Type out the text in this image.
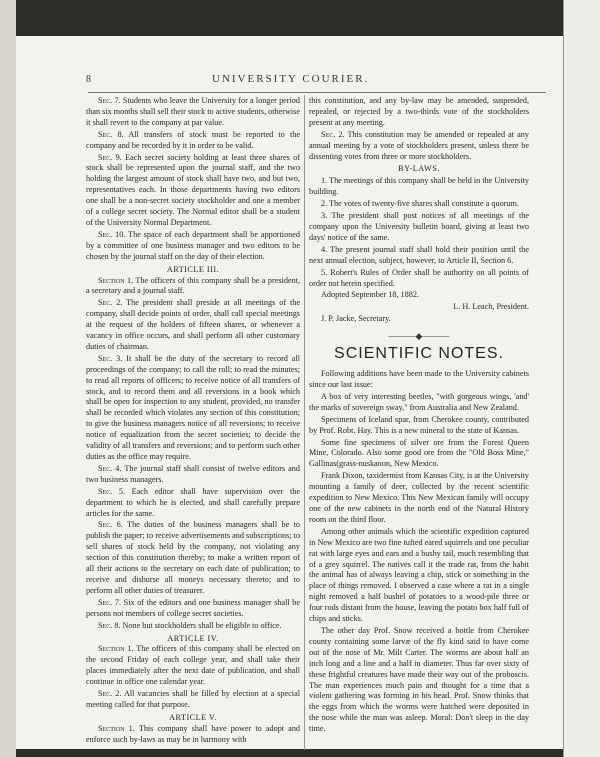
8	UNIVERSITY COURIER.

Sec. 7. Students who leave the University for a longer period than six months shall sell their stock to active students, otherwise it shall revert to the company at par value.

Sec. 8. All transfers of stock must be reported to the company and be recorded by it in order to be valid.

Sec. 9. Each secret society holding at least three shares of stock shall be represented upon the journal staff, and the two holding the largest amount of stock shall have two, and but two, representatives each. In those departments having two editors one shall be a non-secret society stockholder and one a member of a college secret society. The Normal editor shall be a student of the University Normal Department.

Sec. 10. The space of each department shall be apportioned by a committee of one business manager and two editors to be chosen by the journal staff on the day of their election.

ARTICLE III.

Section 1. The officers of this company shall be a president, a secretary and a journal staff.

Sec. 2. The president shall preside at all meetings of the company, shall decide points of order, shall call special meetings at the request of the holders of fifteen shares, or whenever a vacancy in office occurs, and shall perform all other customary duties of chairman.

Sec. 3. It shall be the duty of the secretary to record all proceedings of the company; to call the roll; to read the minutes; to read all reports of officers; to receive notice of all transfers of stock, and to record them and all reversions in a book which shall be open for inspection to any student, provided, no transfer shall be recorded which violates any section of this constitution; to give the business managers notice of all reversions; to receive notice of equalization from the secret societies; to decide the validity of all transfers and reversions; and to perform such other duties as the office may require.

Sec. 4. The journal staff shall consist of twelve editors and two business managers.

Sec. 5. Each editor shall have supervision over the department to which he is elected, and shall carefully prepare articles for the same.

Sec. 6. The duties of the business managers shall be to publish the paper; to receive advertisements and subscriptions; to sell shares of stock held by the company, not violating any section of this constitution thereby; to make a written report of all their actions to the secretary on each date of publication; to receive and disburse all moneys necessary thereto; and to perform all other duties of treasurer.

Sec. 7. Six of the editors and one business manager shall be persons not members of college secret societies.

Sec. 8. None but stockholders shall be eligible to office.

ARTICLE IV.

Section 1. The officers of this company shall be elected on the second Friday of each college year, and shall take their places immediately after the next date of publication, and shall continue in office one calendar year.

Sec. 2. All vacancies shall be filled by election at a special meeting called for that purpose.

ARTICLE V.

Section 1. This company shall have power to adopt and enforce such by-laws as may be in harmony with

this constitution, and any by-law may be amended, suspended, repealed, or rejected by a two-thirds vote of the stockholders present at any meeting.

Sec. 2. This constitution may be amended or repealed at any annual meeting by a vote of stockholders present, unless there be dissenting votes from three or more stockholders.

BY-LAWS.

1. The meetings of this company shall be held in the University building.

2. The votes of twenty-five shares shall constitute a quorum.

3. The president shall post notices of all meetings of the company upon the University bulletin board, giving at least two days' notice of the same.

4. The present journal staff shall hold their position until the next annual election, subject, however, to Article II, Section 6.

5. Robert's Rules of Order shall be authority on all points of order not herein specified.

Adopted September 18, 1882.

L. H. Leach, President.

J. P. Jacke, Secretary.

———◆———
SCIENTIFIC NOTES.

Following additions have been made to the University cabinets since our last issue:

A box of very interesting beetles, "with gorgeous wings, 'and' the marks of sovereign sway," from Australia and New Zealand.

Specimens of Iceland spar, from Cherokee county, contributed by Prof. Robt. Hay. This is a new mineral to the state of Kansas.

Some fine specimens of silver ore from the Forest Queen Mine, Colorado. Also some good ore from the "Old Boss Mine," Gallinas(grass-nuskanon, New Mexico.

Frank Dixon, taxidermist from Kansas City, is at the University mounting a family of deer, collected by the recent scientific expedition to New Mexico. This New Mexican family will occupy one of the new cabinets in the north end of the Natural History room on the third floor.

Among other animals which the scientific expedition captured in New Mexico are two fine tufted eared squirrels and one peculiar rat with large eyes and ears and a bushy tail, much resembling that of a grey squirrel. The natives call it the trade rat, from the habit the animal has of always leaving a chip, stick or something in the place of things removed. I observed a case where a rat in a single night removed a half bushel of potatoes to a wood-pile three or four rods distant from the house, leaving the potato box half full of chips and sticks.

The other day Prof. Snow received a bottle from Cherokee county containing some larvæ of the fly kind said to have come out of the nose of Mr. Milt Carter. The worms are about half an inch long and a line and a half in diameter. Thus far over sixty of these frightful creatures have made their way out of the proboscis. The man experiences much pain and thought for a time that a violent gathering was forming in his head. Prof. Snow thinks that the eggs from which the worms were hatched were deposited in the nose while the man was asleep. Moral: Don't sleep in the day time.
